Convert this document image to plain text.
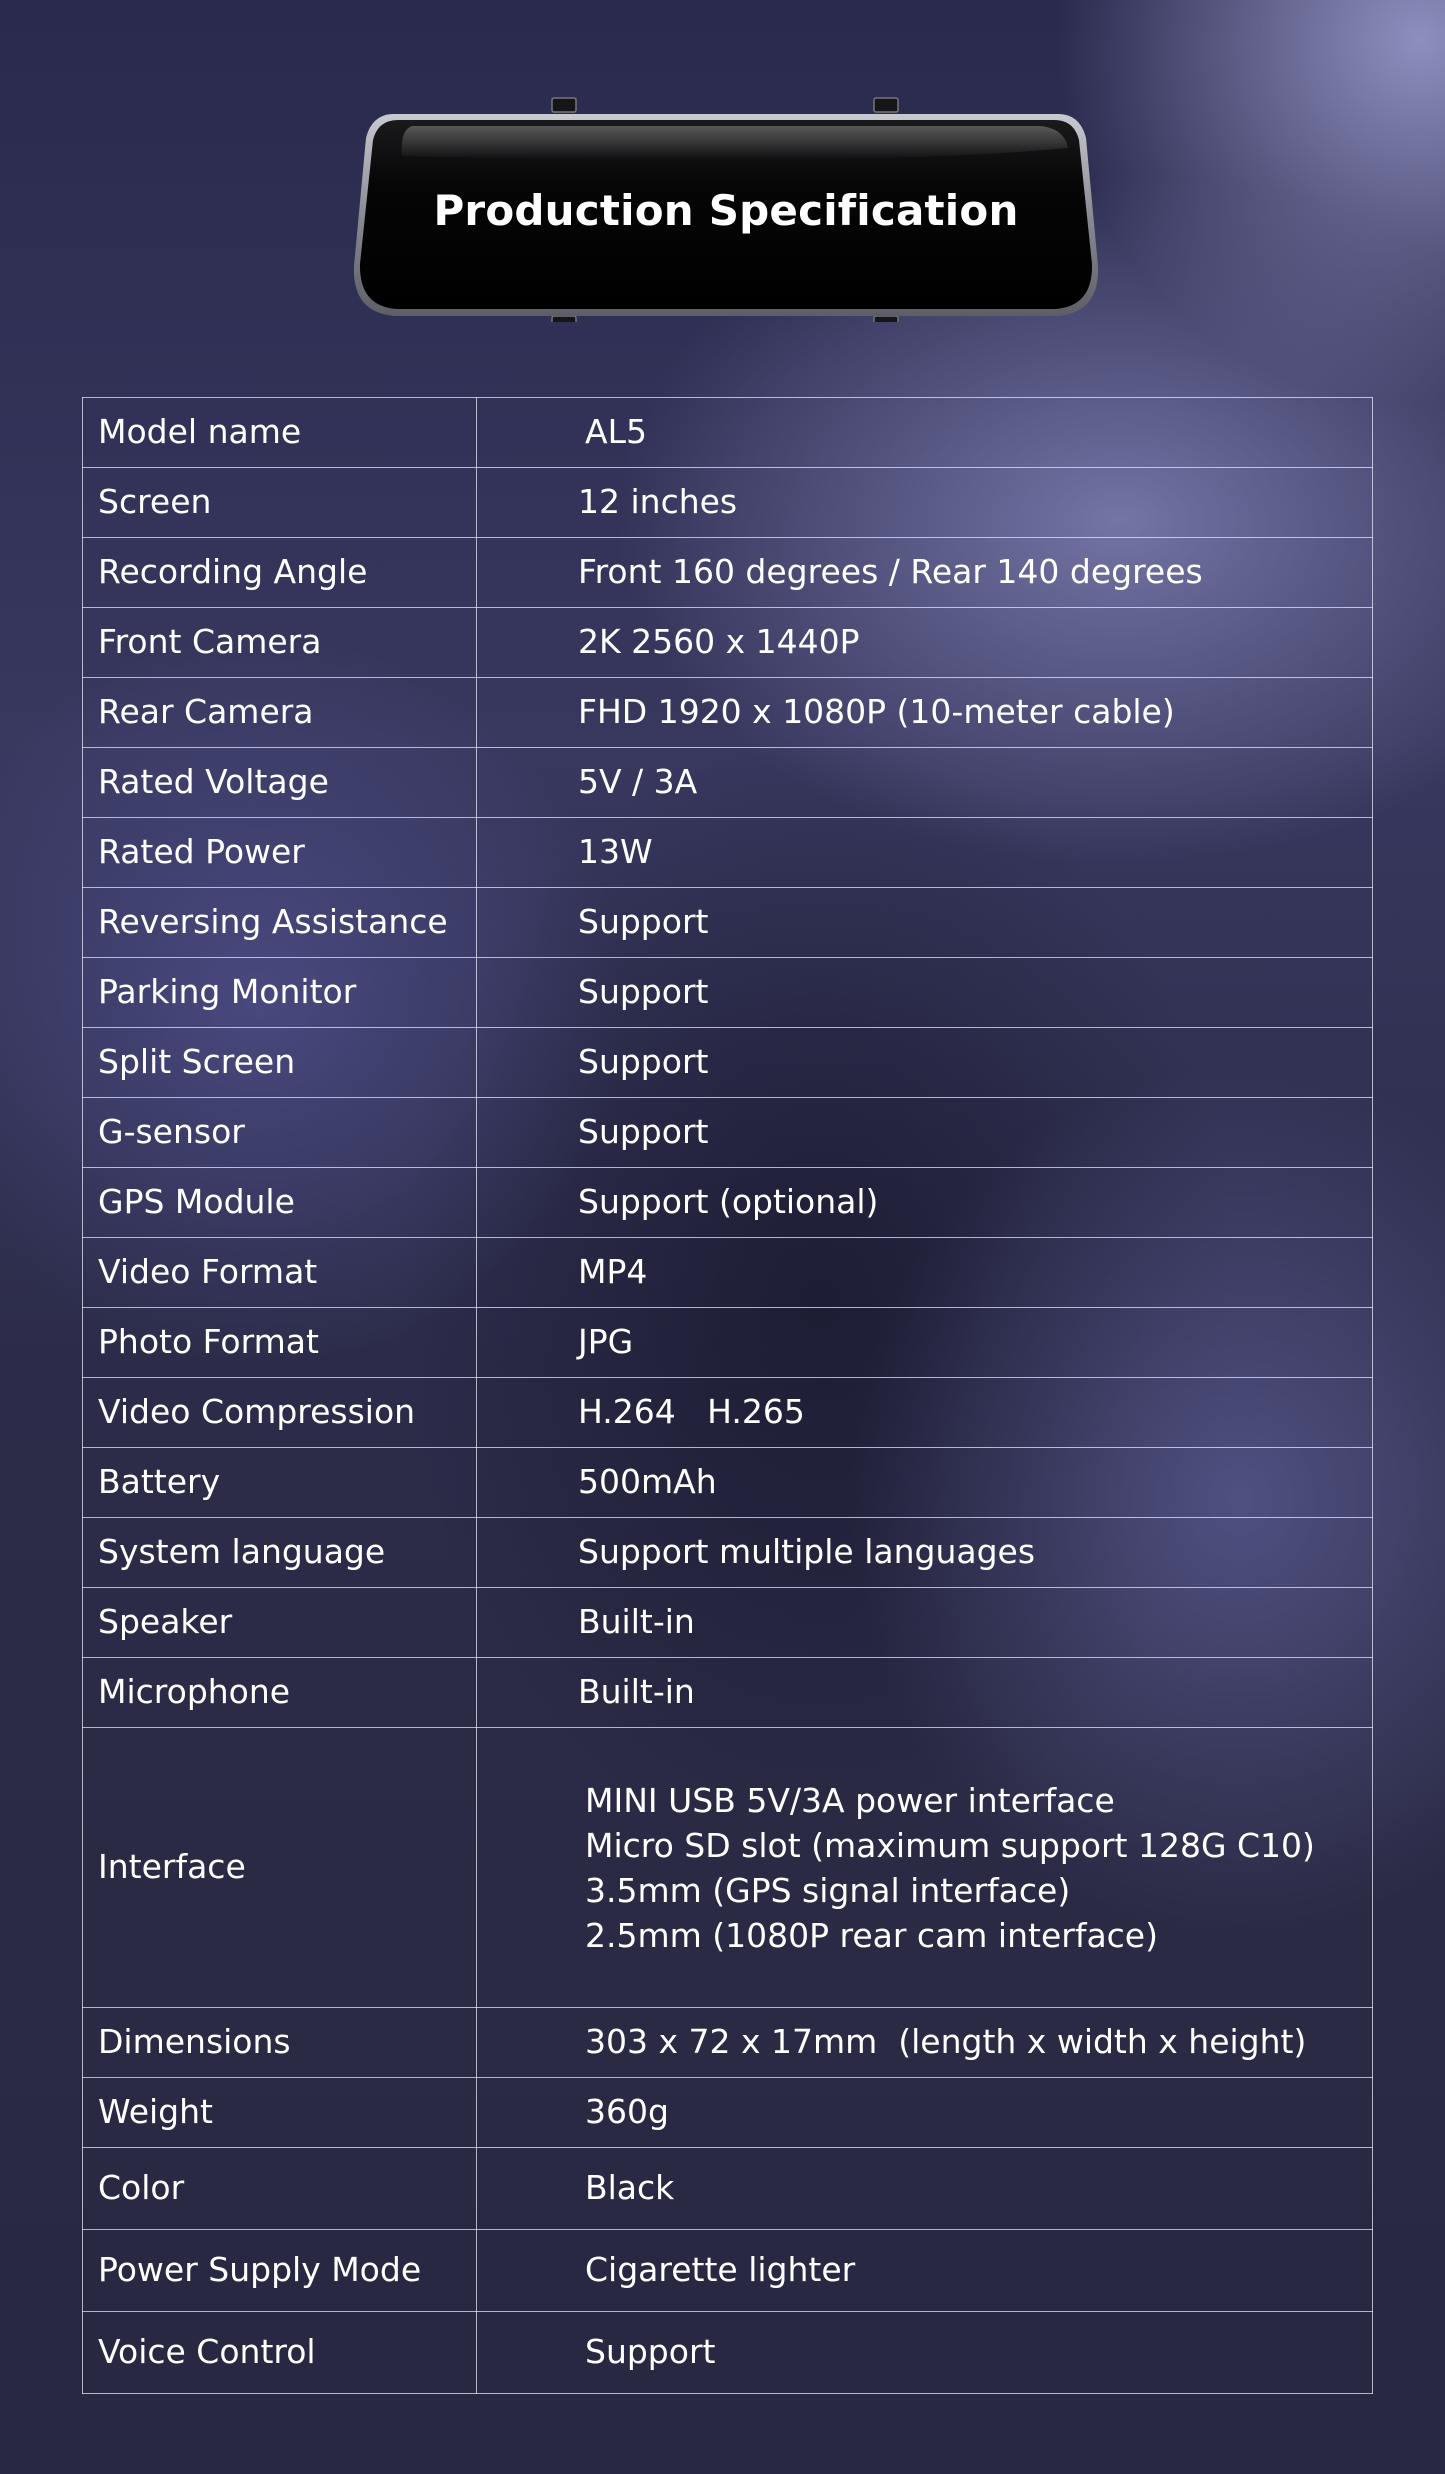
Production Specification
Model name	AL5
Screen	12 inches
Recording Angle	Front 160 degrees / Rear 140 degrees
Front Camera	2K 2560 x 1440P
Rear Camera	FHD 1920 x 1080P (10-meter cable)
Rated Voltage	5V / 3A
Rated Power	13W
Reversing Assistance	Support
Parking Monitor	Support
Split Screen	Support
G-sensor	Support
GPS Module	Support (optional)
Video Format	MP4
Photo Format	JPG
Video Compression	H.264   H.265
Battery	500mAh
System language	Support multiple languages
Speaker	Built-in
Microphone	Built-in
Interface	MINI USB 5V/3A power interface
Micro SD slot (maximum support 128G C10)
3.5mm (GPS signal interface)
2.5mm (1080P rear cam interface)

Dimensions	303 x 72 x 17mm  (length x width x height)
Weight	360g
Color	Black
Power Supply Mode	Cigarette lighter
Voice Control	Support
